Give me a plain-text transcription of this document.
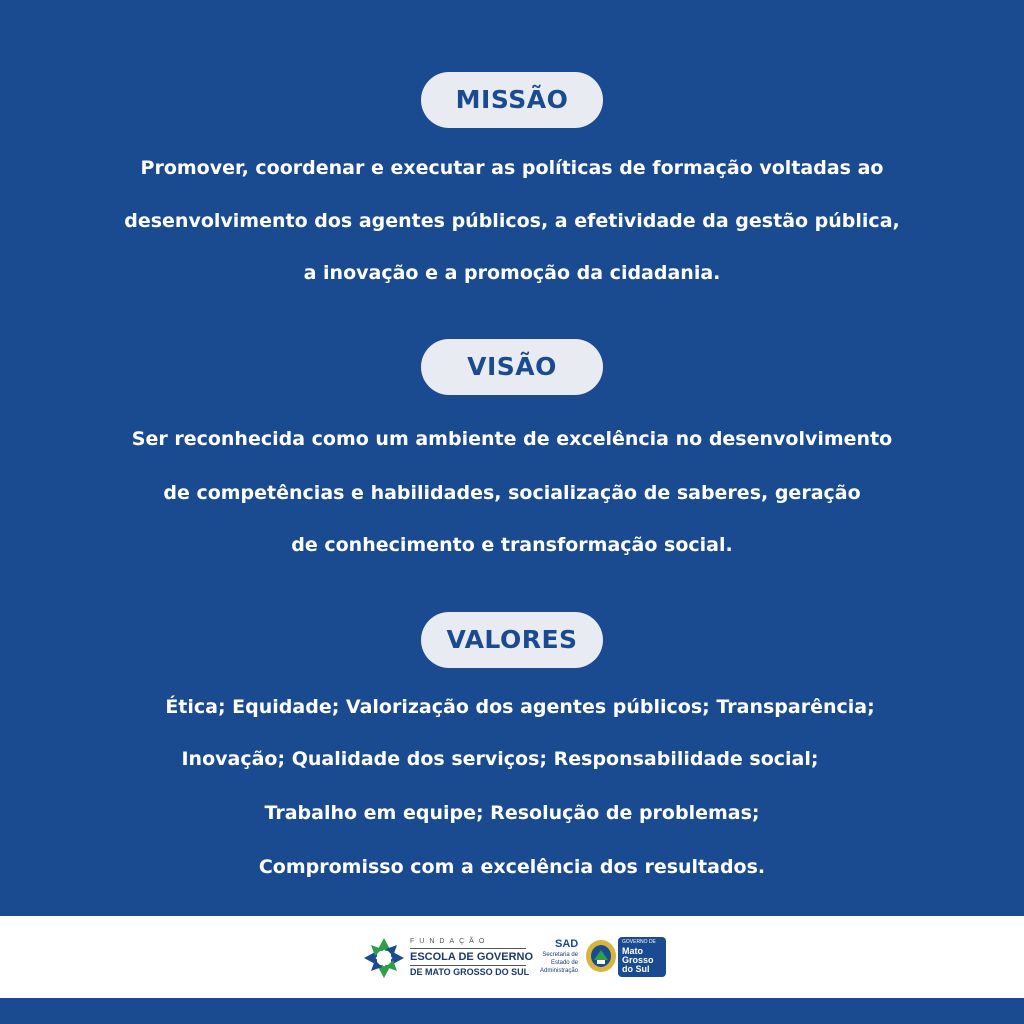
MISSÃO
Promover, coordenar e executar as políticas de formação voltadas ao
desenvolvimento dos agentes públicos, a efetividade da gestão pública,
a inovação e a promoção da cidadania.
VISÃO
Ser reconhecida como um ambiente de excelência no desenvolvimento
de competências e habilidades, socialização de saberes, geração
de conhecimento e transformação social.
VALORES
Ética; Equidade; Valorização dos agentes públicos; Transparência;
Inovação; Qualidade dos serviços; Responsabilidade social;
Trabalho em equipe; Resolução de problemas;
Compromisso com a excelência dos resultados.
FUNDAÇÃO
ESCOLA DE GOVERNO
DE MATO GROSSO DO SUL
SAD
Secretaria de
Estado de
Administração
GOVERNO DE
Mato
Grosso
do Sul
